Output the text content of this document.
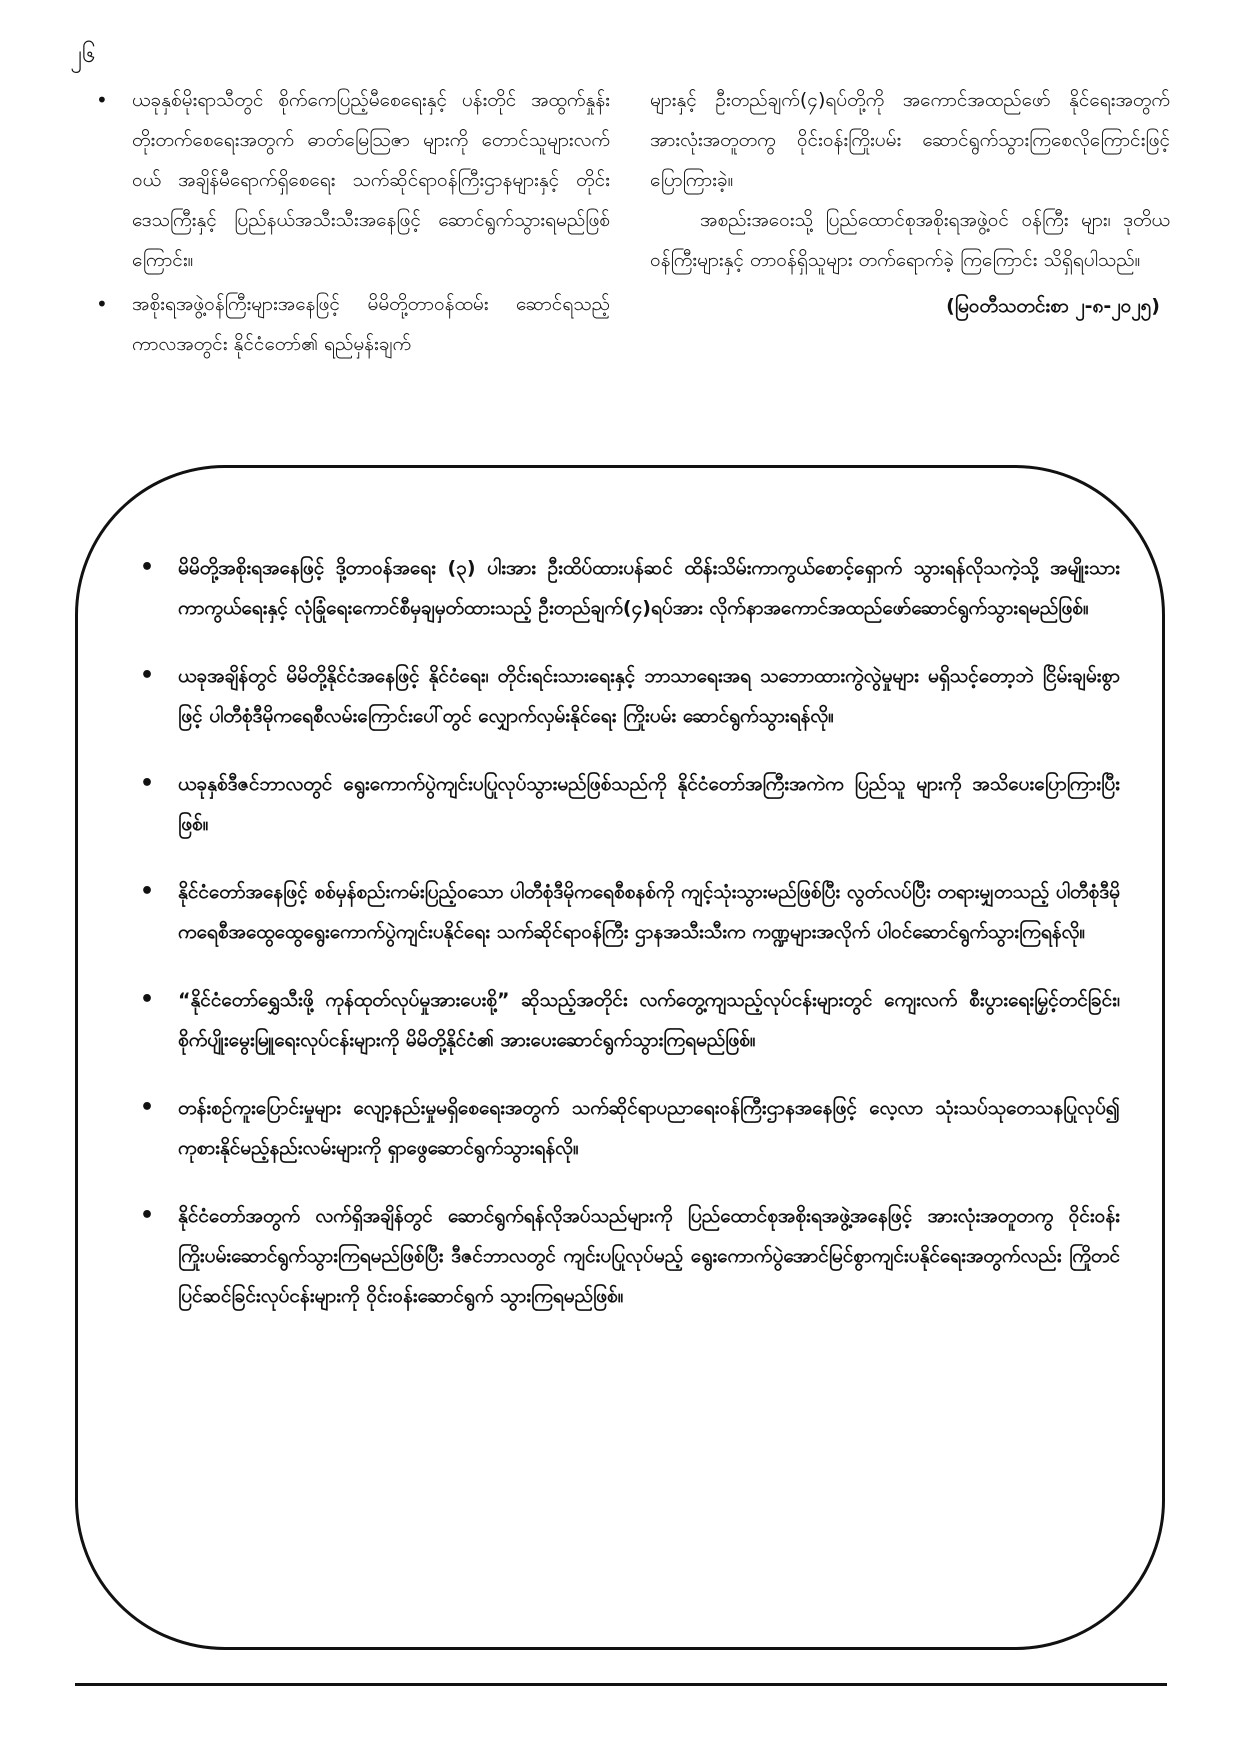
၂၆
• ယခုနှစ်မိုးရာသီတွင် စိုက်ကေပြည့်မီစေရေးနှင့် ပန်းတိုင် အထွက်နှုန်းတိုးတက်စေရေးအတွက် ဓာတ်မြေဩဇာ များကို တောင်သူများလက်ဝယ် အချိန်မီရောက်ရှိစေရေး သက်ဆိုင်ရာဝန်ကြီးဌာနများနှင့် တိုင်းဒေသကြီးနှင့် ပြည်နယ်အသီးသီးအနေဖြင့် ဆောင်ရွက်သွားရမည်ဖြစ် ကြောင်း။
• အစိုးရအဖွဲ့ဝန်ကြီးများအနေဖြင့် မိမိတို့တာဝန်ထမ်း ဆောင်ရသည့်ကာလအတွင်း နိုင်ငံတော်၏ ရည်မှန်းချက်
များနှင့် ဦးတည်ချက်(၄)ရပ်တို့ကို အကောင်အထည်ဖော် နိုင်ရေးအတွက် အားလုံးအတူတကွ ဝိုင်းဝန်းကြိုးပမ်း ဆောင်ရွက်သွားကြစေလိုကြောင်းဖြင့် ပြောကြားခဲ့။
အစည်းအဝေးသို့ ပြည်ထောင်စုအစိုးရအဖွဲ့ဝင် ဝန်ကြီး များ၊ ဒုတိယဝန်ကြီးများနှင့် တာဝန်ရှိသူများ တက်ရောက်ခဲ့ ကြကြောင်း သိရှိရပါသည်။
(မြဝတီသတင်းစာ ၂-၈-၂၀၂၅)
• မိမိတို့အစိုးရအနေဖြင့် ဒို့တာဝန်အရေး (၃) ပါးအား ဦးထိပ်ထားပန်ဆင် ထိန်းသိမ်းကာကွယ်စောင့်ရှောက် သွားရန်လိုသကဲ့သို့ အမျိုးသားကာကွယ်ရေးနှင့် လုံခြုံရေးကောင်စီမှချမှတ်ထားသည့် ဦးတည်ချက်(၄)ရပ်အား လိုက်နာအကောင်အထည်ဖော်ဆောင်ရွက်သွားရမည်ဖြစ်။
• ယခုအချိန်တွင် မိမိတို့နိုင်ငံအနေဖြင့် နိုင်ငံရေး၊ တိုင်းရင်းသားရေးနှင့် ဘာသာရေးအရ သဘောထားကွဲလွဲမှုများ မရှိသင့်တော့ဘဲ ငြိမ်းချမ်းစွာဖြင့် ပါတီစုံဒီမိုကရေစီလမ်းကြောင်းပေါ်တွင် လျှောက်လှမ်းနိုင်ရေး ကြိုးပမ်း ဆောင်ရွက်သွားရန်လို။
• ယခုနှစ်ဒီဇင်ဘာလတွင် ရွေးကောက်ပွဲကျင်းပပြုလုပ်သွားမည်ဖြစ်သည်ကို နိုင်ငံတော်အကြီးအကဲက ပြည်သူ များကို အသိပေးပြောကြားပြီးဖြစ်။
• နိုင်ငံတော်အနေဖြင့် စစ်မှန်စည်းကမ်းပြည့်ဝသော ပါတီစုံဒီမိုကရေစီစနစ်ကို ကျင့်သုံးသွားမည်ဖြစ်ပြီး လွတ်လပ်ပြီး တရားမျှတသည့် ပါတီစုံဒီမိုကရေစီအထွေထွေရွေးကောက်ပွဲကျင်းပနိုင်ရေး သက်ဆိုင်ရာဝန်ကြီး ဌာနအသီးသီးက ကဏ္ဍများအလိုက် ပါဝင်ဆောင်ရွက်သွားကြရန်လို။
• “နိုင်ငံတော်ရွှေသီးဖို့ ကုန်ထုတ်လုပ်မှုအားပေးစို့” ဆိုသည့်အတိုင်း လက်တွေ့ကျသည့်လုပ်ငန်းများတွင် ကျေးလက် စီးပွားရေးမြှင့်တင်ခြင်း၊ စိုက်ပျိုးမွေးမြူရေးလုပ်ငန်းများကို မိမိတို့နိုင်ငံ၏ အားပေးဆောင်ရွက်သွားကြရမည်ဖြစ်။
• တန်းစဉ်ကူးပြောင်းမှုများ လျော့နည်းမှုမရှိစေရေးအတွက် သက်ဆိုင်ရာပညာရေးဝန်ကြီးဌာနအနေဖြင့် လေ့လာ သုံးသပ်သုတေသနပြုလုပ်၍ ကုစားနိုင်မည့်နည်းလမ်းများကို ရှာဖွေဆောင်ရွက်သွားရန်လို။
• နိုင်ငံတော်အတွက် လက်ရှိအချိန်တွင် ဆောင်ရွက်ရန်လိုအပ်သည်များကို ပြည်ထောင်စုအစိုးရအဖွဲ့အနေဖြင့် အားလုံးအတူတကွ ဝိုင်းဝန်းကြိုးပမ်းဆောင်ရွက်သွားကြရမည်ဖြစ်ပြီး ဒီဇင်ဘာလတွင် ကျင်းပပြုလုပ်မည့် ရွေးကောက်ပွဲအောင်မြင်စွာကျင်းပနိုင်ရေးအတွက်လည်း ကြိုတင်ပြင်ဆင်ခြင်းလုပ်ငန်းများကို ဝိုင်းဝန်းဆောင်ရွက် သွားကြရမည်ဖြစ်။
